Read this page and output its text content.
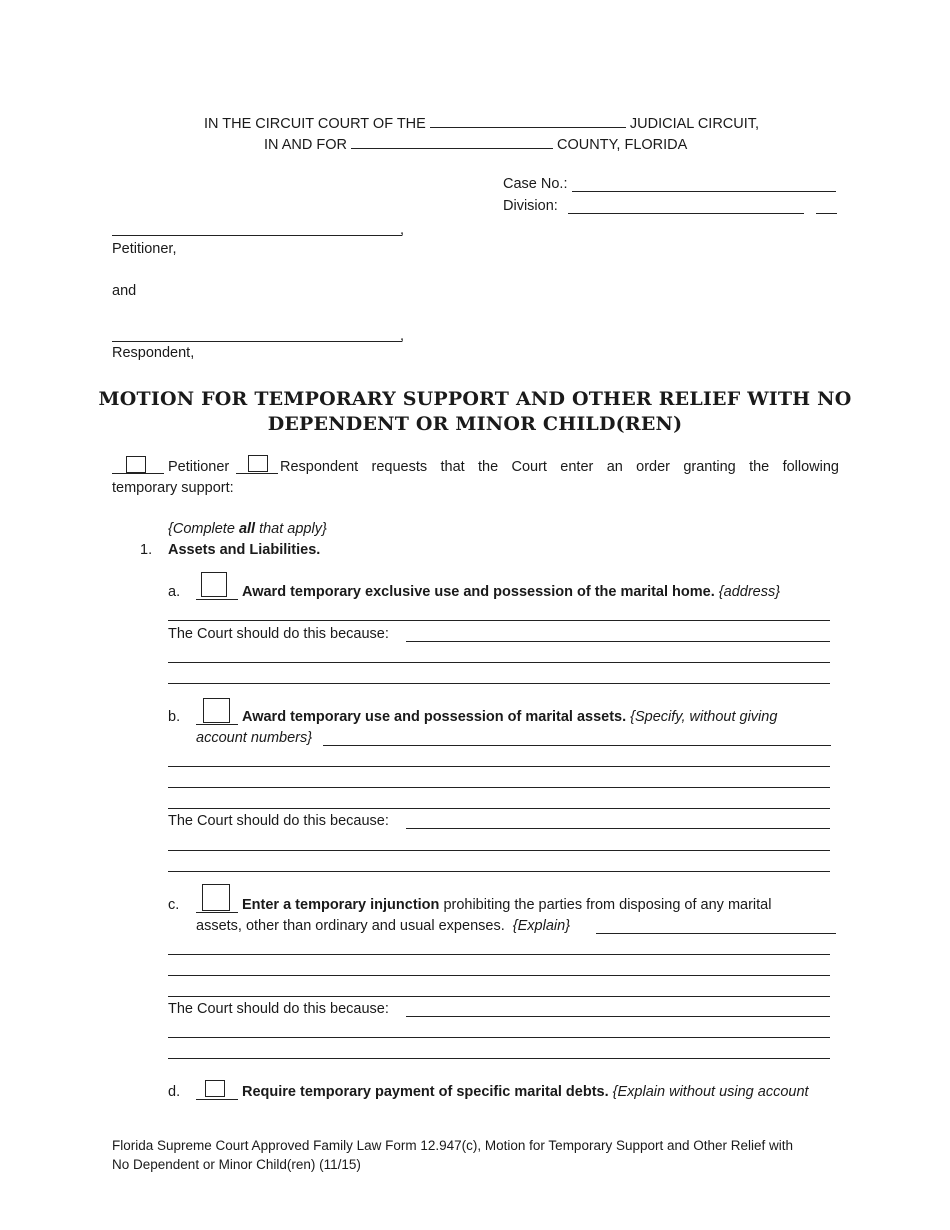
IN THE CIRCUIT COURT OF THE	JUDICIAL CIRCUIT,
IN AND FOR	COUNTY, FLORIDA
Case No.:
Division:
,
Petitioner,
and
,
Respondent,
MOTION FOR TEMPORARY SUPPORT AND OTHER RELIEF WITH NO
DEPENDENT OR MINOR CHILD(REN)
Petitioner	Respondent requests that the Court enter an order granting the following
temporary support:
{Complete all that apply}
1. Assets and Liabilities.
a.	Award temporary exclusive use and possession of the marital home. {address}
The Court should do this because:
b.	Award temporary use and possession of marital assets. {Specify, without giving
account numbers}
The Court should do this because:
c.	Enter a temporary injunction prohibiting the parties from disposing of any marital
assets, other than ordinary and usual expenses. {Explain}
The Court should do this because:
d.	Require temporary payment of specific marital debts. {Explain without using account
Florida Supreme Court Approved Family Law Form 12.947(c), Motion for Temporary Support and Other Relief with
No Dependent or Minor Child(ren) (11/15)
